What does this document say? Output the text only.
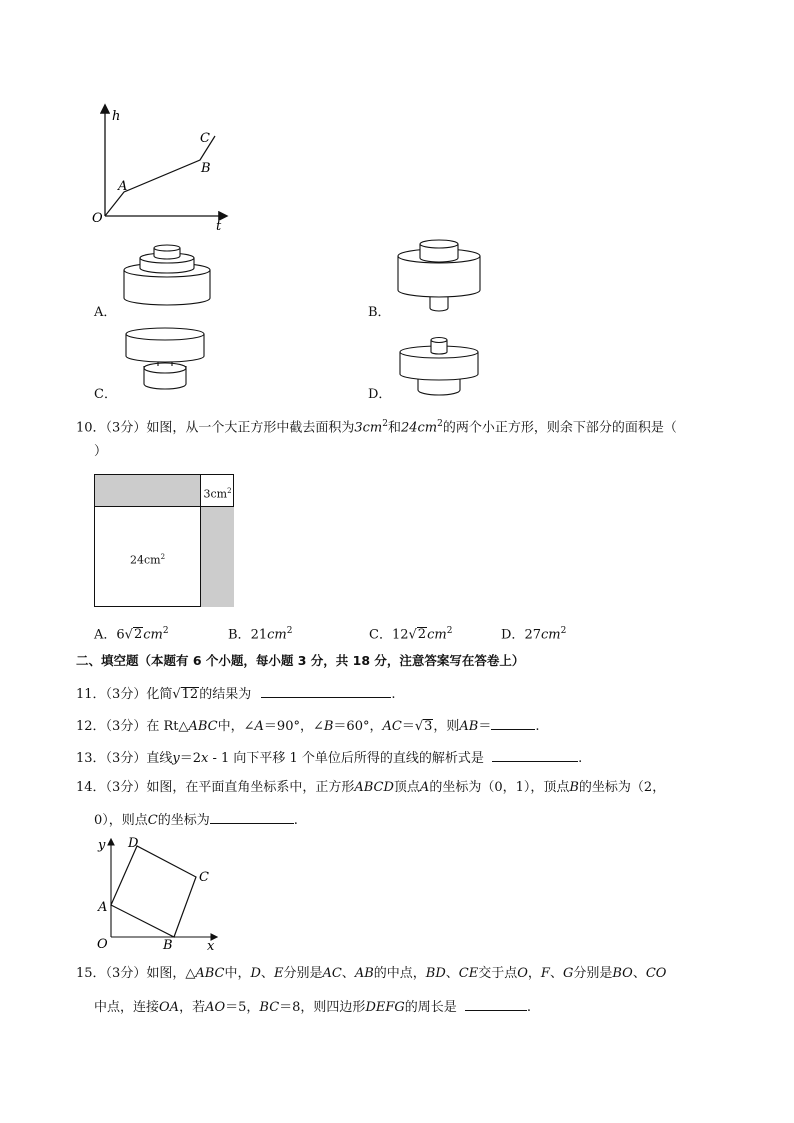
h
t
O
A
B
C
A．	B．
C．	D．
10．（3分）如图，从一个大正方形中截去面积为$3cm^2$和$24cm^2$的两个小正方形，则余下部分的面积是（
）
$3cm^2$
$24cm^2$
A．$6√2cm^2$	B．$21cm^2$	C．$12√2cm^2$	D．$27cm^2$
二、填空题（本题有 6 个小题，每小题 3 分，共 18 分，注意答案写在答卷上）
11．（3分）化简√12的结果为	.
12．（3分）在 Rt△ABC中，∠A＝90°，∠B＝60°，AC＝√3，则AB＝	.
13．（3分）直线y＝2x - 1 向下平移 1 个单位后所得的直线的解析式是	.
14．（3分）如图，在平面直角坐标系中，正方形ABCD顶点A的坐标为（0，1），顶点B的坐标为（2，
0），则点C的坐标为	.
y
x
O
A
B
C
D
15．（3分）如图，△ABC中，D、E分别是AC、AB的中点，BD、CE交于点O，F、G分别是BO、CO
中点，连接OA，若AO＝5，BC＝8，则四边形DEFG的周长是	.
